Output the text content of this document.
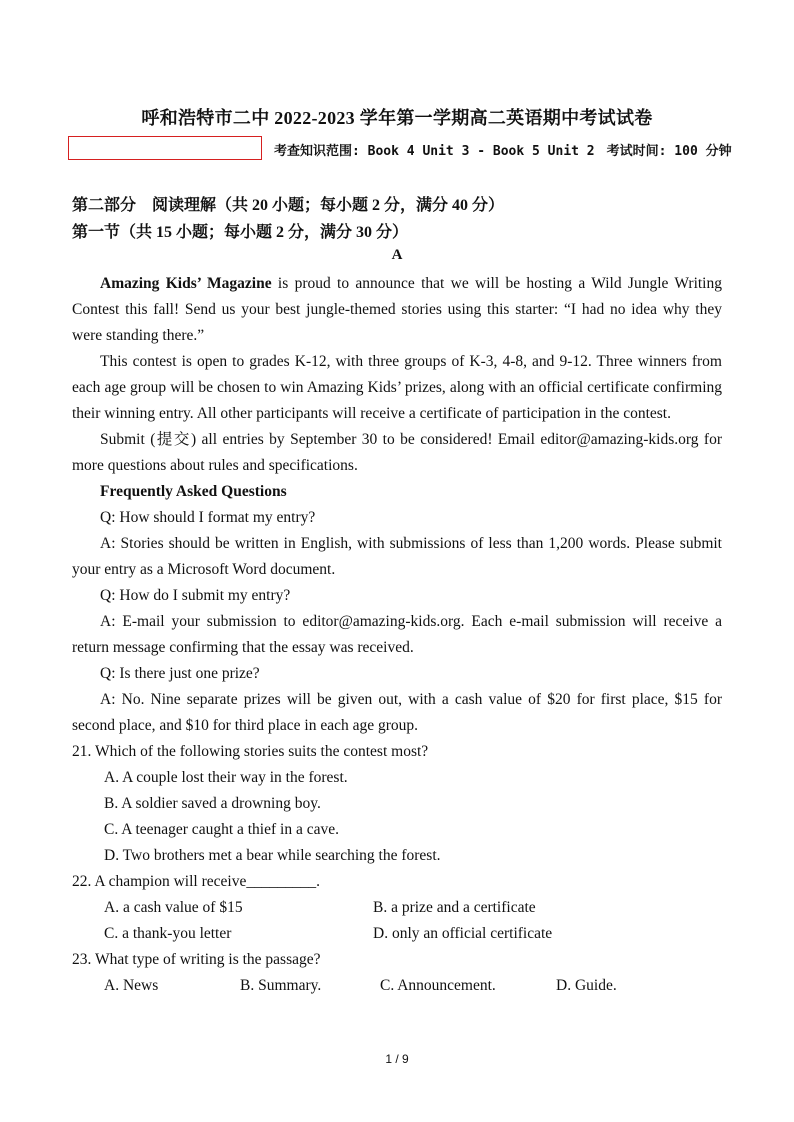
呼和浩特市二中 2022-2023 学年第一学期高二英语期中考试试卷
考查知识范围: Book 4 Unit 3 - Book 5 Unit 2 考试时间: 100 分钟
第二部分　阅读理解（共 20 小题；每小题 2 分，满分 40 分）
第一节（共 15 小题；每小题 2 分，满分 30 分）
A

Amazing Kids’ Magazine is proud to announce that we will be hosting a Wild Jungle Writing Contest this fall! Send us your best jungle-themed stories using this starter: “I had no idea why they were standing there.”

This contest is open to grades K-12, with three groups of K-3, 4-8, and 9-12. Three winners from each age group will be chosen to win Amazing Kids’ prizes, along with an official certificate confirming their winning entry. All other participants will receive a certificate of participation in the contest.

Submit (提交) all entries by September 30 to be considered! Email editor@amazing-kids.org for more questions about rules and specifications.

Frequently Asked Questions

Q: How should I format my entry?

A: Stories should be written in English, with submissions of less than 1,200 words. Please submit your entry as a Microsoft Word document.

Q: How do I submit my entry?

A: E-mail your submission to editor@amazing-kids.org. Each e-mail submission will receive a return message confirming that the essay was received.

Q: Is there just one prize?

A: No. Nine separate prizes will be given out, with a cash value of $20 for first place, $15 for second place, and $10 for third place in each age group.

21. Which of the following stories suits the contest most?

A. A couple lost their way in the forest.

B. A soldier saved a drowning boy.

C. A teenager caught a thief in a cave.

D. Two brothers met a bear while searching the forest.

22. A champion will receive_________.

A. a cash value of $15	B. a prize and a certificate
C. a thank-you letter	D. only an official certificate

23. What type of writing is the passage?

A. News	B. Summary.	C. Announcement.	D. Guide.
1 / 9
